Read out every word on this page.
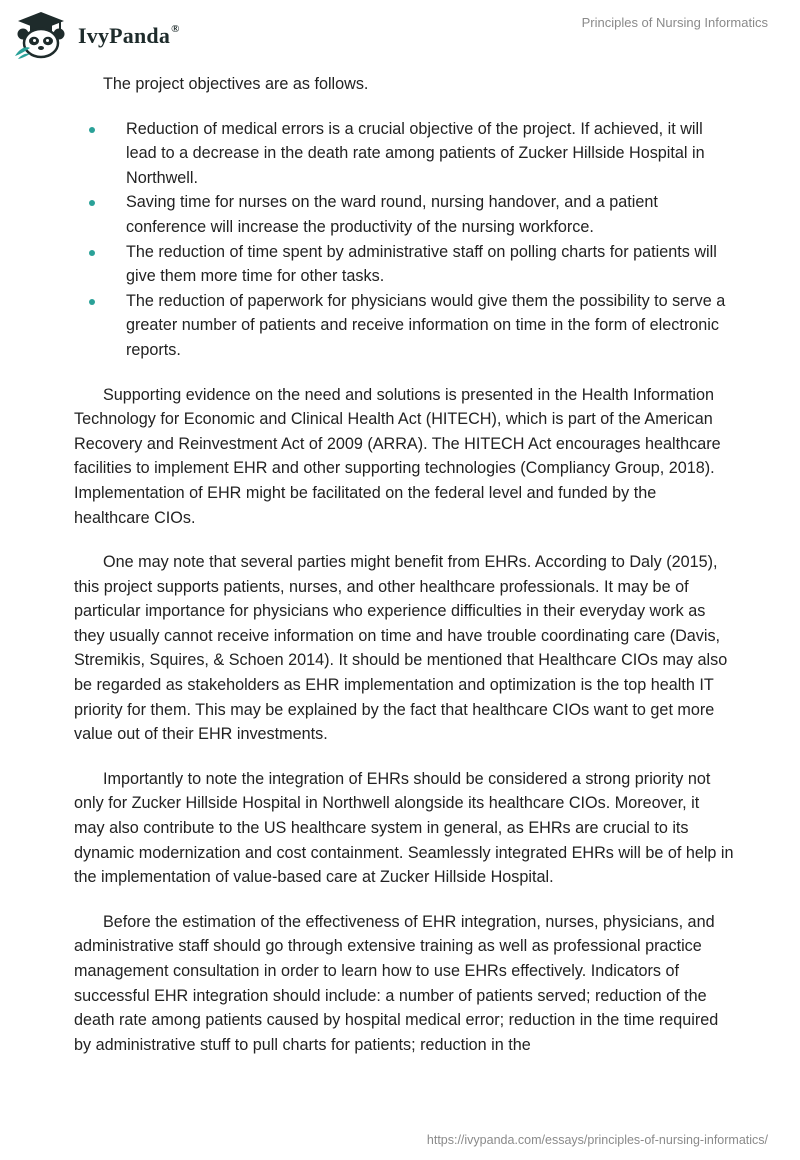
IvyPanda®	Principles of Nursing Informatics

The project objectives are as follows.

Reduction of medical errors is a crucial objective of the project. If achieved, it will lead to a decrease in the death rate among patients of Zucker Hillside Hospital in Northwell.
Saving time for nurses on the ward round, nursing handover, and a patient conference will increase the productivity of the nursing workforce.
The reduction of time spent by administrative staff on polling charts for patients will give them more time for other tasks.
The reduction of paperwork for physicians would give them the possibility to serve a greater number of patients and receive information on time in the form of electronic reports.

Supporting evidence on the need and solutions is presented in the Health Information Technology for Economic and Clinical Health Act (HITECH), which is part of the American Recovery and Reinvestment Act of 2009 (ARRA). The HITECH Act encourages healthcare facilities to implement EHR and other supporting technologies (Compliancy Group, 2018). Implementation of EHR might be facilitated on the federal level and funded by the healthcare CIOs.

One may note that several parties might benefit from EHRs. According to Daly (2015), this project supports patients, nurses, and other healthcare professionals. It may be of particular importance for physicians who experience difficulties in their everyday work as they usually cannot receive information on time and have trouble coordinating care (Davis, Stremikis, Squires, & Schoen 2014). It should be mentioned that Healthcare CIOs may also be regarded as stakeholders as EHR implementation and optimization is the top health IT priority for them. This may be explained by the fact that healthcare CIOs want to get more value out of their EHR investments.

Importantly to note the integration of EHRs should be considered a strong priority not only for Zucker Hillside Hospital in Northwell alongside its healthcare CIOs. Moreover, it may also contribute to the US healthcare system in general, as EHRs are crucial to its dynamic modernization and cost containment. Seamlessly integrated EHRs will be of help in the implementation of value-based care at Zucker Hillside Hospital.

Before the estimation of the effectiveness of EHR integration, nurses, physicians, and administrative staff should go through extensive training as well as professional practice management consultation in order to learn how to use EHRs effectively. Indicators of successful EHR integration should include: a number of patients served; reduction of the death rate among patients caused by hospital medical error; reduction in the time required by administrative stuff to pull charts for patients; reduction in the

https://ivypanda.com/essays/principles-of-nursing-informatics/
